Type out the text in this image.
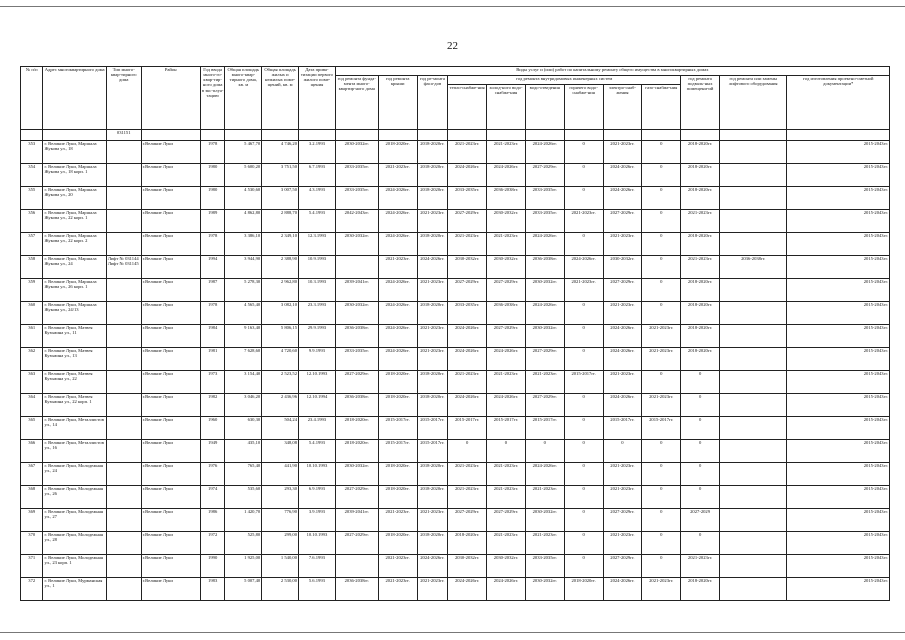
22
№ п/п	Адрес многоквартирного дома	Тип много-квар-тирного дома	Район	Год ввода много-го-квар-тир-ного дома в экс-плуа-тацию	Общая площадь много-квар-тирного дома, кв. м	Общая площадь жилых и нежилых поме-щений, кв. м	Дата прива-тизации первого жилого поме-щения	Виды услуг и (или) работ по капитальному ремонту общего имущества в многоквартирных домах											
								год ремонта фунда-мента много-квартир-ного дома	год ремонта крыши	год ре-монта фаса-дов	год ремонта внутридомовых инженерных систем						год ремонта подваль-ных помещени-ий	год ремонта или замены лифтового оборудования	год изготовления проектно-сметной документации*
											тепло-снабже-ния	холод-ного водо-снабже-ния	водо-отведения	горячего водо-снабже-ния	электро-снаб-жения	газо-снабже-ния			
		031151																	
353	г. Великие Луки, Маршала Жукова ул., 18		г.Великие Луки	1978	5 467,70	4 746,20	3.2.1993	2030-2032гг.	2018-2020гг.	2018-2020гг.	2021-2023гг.	2021-2023гг.	2024-2026гг.	0	2021-2023гг.	0	2018-2020гг.		2015-2043гг.
354	г. Великие Луки, Маршала Жукова ул., 18 корп. 1		г.Великие Луки	1980	5 600,20	3 751,50	6.7.1993	2033-2035гг.	2021-2023гг.	2018-2020гг.	2024-2026гг.	2024-2026гг.	2027-2029гг.	0	2024-2026гг.	0	2018-2020гг.		2015-2043гг.
355	г. Великие Луки, Маршала Жукова ул., 20		г.Великие Луки	1980	4 530,60	3 007,50	4.3.1993	2033-2035гг.	2024-2026гг.	2018-2020гг.	2033-2035гг.	2036-2038гг.	2033-2035гг.	0	2024-2026гг.	0	2018-2020гг.		2015-2043гг.
356	г. Великие Луки, Маршала Жукова ул., 22 корп. 1		г.Великие Луки	1989	4 862,80	2 888,70	5.4.1993	2042-2043гг.	2024-2026гг.	2021-2023гг.	2027-2029гг.	2030-2032гг.	2033-2035гг.	2021-2023гг.	2027-2029гг.	0	2021-2023гг.		2015-2043гг.
357	г. Великие Луки, Маршала Жукова ул., 22 корп. 2		г.Великие Луки	1978	3 386,10	2 349,10	12.3.1993	2030-2032гг.	2024-2026гг.	2018-2020гг.	2021-2023гг.	2021-2023гг.	2024-2026гг.	0	2021-2023гг.	0	2018-2020гг.		2015-2043гг.
358	г. Великие Луки, Маршала Жукова ул., 24	Лифт № 031144 Лифт № 031145	г.Великие Луки	1994	3 944,90	2 388,90	10.9.1993		2021-2023гг.	2024-2026гг.	2030-2032гг.	2030-2032гг.	2036-2038гг.	2024-2026гг.	2030-2032гг.	0	2021-2023гг.	2036-2038гг.	2015-2043гг.
359	г. Великие Луки, Маршала Жукова ул., 26 корп. 1		г.Великие Луки	1987	5 278,30	2 962,80	10.3.1993	2039-2041гг.	2024-2026гг.	2021-2023гг.	2027-2029гг.	2027-2029гг.	2030-2032гг.	2021-2023гг.	2027-2029гг.	0	2018-2020гг.		2015-2043гг.
360	г. Великие Луки, Маршала Жукова ул., 24/13		г.Великие Луки	1978	4 565,40	3 082,10	23.3.1993	2030-2032гг.	2024-2026гг.	2018-2020гг.	2033-2035гг.	2036-2038гг.	2024-2026гг.	0	2021-2023гг.	0	2018-2020гг.		2015-2043гг.
361	г. Великие Луки, Матвея Кузьмина ул., 11		г.Великие Луки	1984	9 163,40	5 806,15	29.9.1993	2036-2038гг.	2024-2026гг.	2021-2023гг.	2024-2026гг.	2027-2029гг.	2030-2032гг.	0	2024-2026гг.	2021-2023гг.	2018-2020гг.		2015-2043гг.
362	г. Великие Луки, Матвея Кузьмина ул., 13		г.Великие Луки	1981	7 628,60	4 720,60	9.9.1993	2033-2035гг.	2024-2026гг.	2021-2023гг.	2024-2026гг.	2024-2026гг.	2027-2029гг.	0	2024-2026гг.	2021-2023гг.	2018-2020гг.		2015-2043гг.
363	г. Великие Луки, Матвея Кузьмина ул., 22		г.Великие Луки	1973	3 154,40	2 523,52	12.10.1993	2027-2029гг.	2018-2020гг.	2018-2020гг.	2021-2023гг.	2021-2023гг.	2021-2023гг.	2015-2017гг.	2021-2023гг.	0	0		2015-2043гг.
364	г. Великие Луки, Матвея Кузьмина ул., 22 корп. 1		г.Великие Луки	1982	3 046,20	2 436,96	12.10.1994	2036-2038гг.	2018-2020гг.	2018-2020гг.	2024-2026гг.	2024-2026гг.	2027-2029гг.	0	2024-2026гг.	2021-2023гг.	0		2015-2043гг.
365	г. Великие Луки, Металлистов ул., 14		г.Великие Луки	1960	630,30	504,24	23.4.1993	2018-2020гг.	2015-2017гг.	2015-2017гг.	2015-2017гг.	2015-2017гг.	2015-2017гг.	0	2015-2017гг.	2015-2017гг.	0		2015-2043гг.
366	г. Великие Луки, Металлистов ул., 16		г.Великие Луки	1949	435,10	348,08	5.4.1993	2018-2020гг.	2015-2017гг.	2015-2017гг.	0	0	0	0	0	0	0		2015-2043гг.
367	г. Великие Луки, Молодежная ул., 24		г.Великие Луки	1976	765,40	441,90	10.10.1993	2030-2032гг.	2018-2020гг.	2018-2020гг.	2021-2023гг.	2021-2023гг.	2024-2026гг.	0	2021-2023гг.	0	0		2015-2043гг.
368	г. Великие Луки, Молодежная ул., 26		г.Великие Луки	1974	535,60	293,30	6.9.1993	2027-2029гг.	2018-2020гг.	2018-2020гг.	2021-2023гг.	2021-2023гг.	2021-2023гг.	0	2021-2023гг.	0	0		2015-2043гг.
369	г. Великие Луки, Молодежная ул., 27		г.Великие Луки	1986	1 420,70	776,90	3.9.1993	2039-2041гг.	2021-2023гг.	2021-2023гг.	2027-2029гг.	2027-2029гг.	2030-2032гг.	0	2027-2029гг.	0	2027-2029		2015-2043гг.
370	г. Великие Луки, Молодежная ул., 28		г.Великие Луки	1972	525,80	299,00	10.10.1993	2027-2029гг.	2018-2020гг.	2018-2020гг.	2018-2020гг.	2021-2023гг.	2021-2023гг.	0	2021-2023гг.	0	0		2015-2043гг.
371	г. Великие Луки, Молодежная ул., 23 корп. 1		г.Великие Луки	1990	1 925,00	1 540,00	7.6.1993		2021-2023гг.	2024-2026гг.	2030-2032гг.	2030-2032гг.	2033-2035гг.	0	2027-2029гг.	0	2021-2023гг.		2015-2043гг.
372	г. Великие Луки, Мурманская ул., 1		г.Великие Луки	1983	5 007,40	2 530,00	5.6.1993	2036-2038гг.	2021-2023гг.	2021-2023гг.	2024-2026гг.	2024-2026гг.	2030-2032гг.	2018-2020гг.	2024-2026гг.	2021-2023гг.	2018-2020гг.		2015-2043гг.
